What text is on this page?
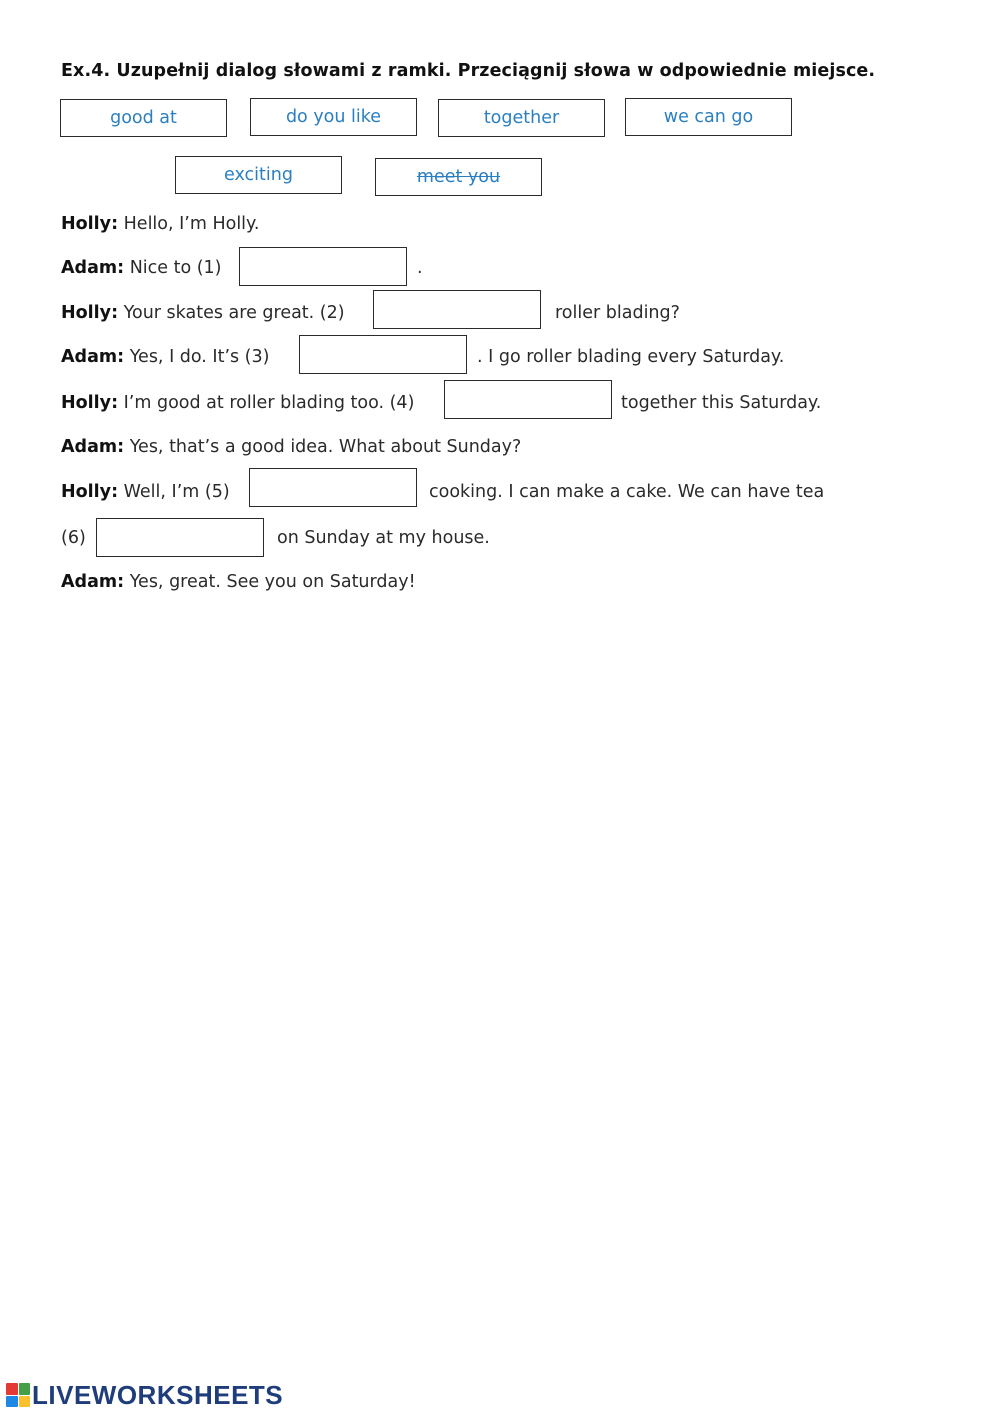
Ex.4. Uzupełnij dialog słowami z ramki. Przeciągnij słowa w odpowiednie miejsce.
good at	do you like	together	we can go
exciting	meet you
Holly: Hello, I’m Holly.
Adam: Nice to (1)	.
Holly: Your skates are great. (2)	roller blading?
Adam: Yes, I do. It’s (3)	. I go roller blading every Saturday.
Holly: I’m good at roller blading too. (4)	together this Saturday.
Adam: Yes, that’s a good idea. What about Sunday?
Holly: Well, I’m (5)	cooking. I can make a cake. We can have tea
(6)	on Sunday at my house.
Adam: Yes, great. See you on Saturday!
LIVEWORKSHEETS
